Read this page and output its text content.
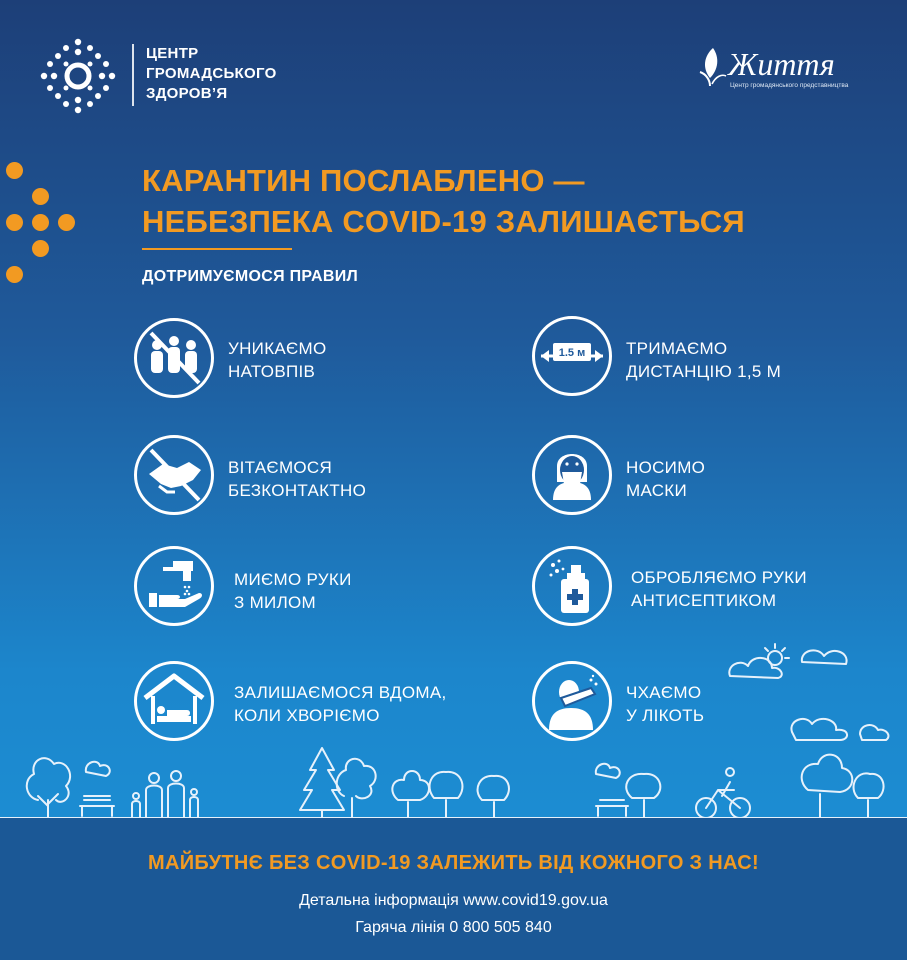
ЦЕНТР
ГРОМАДСЬКОГО
ЗДОРОВ’Я
Життя
Центр громадянського представництва
КАРАНТИН ПОСЛАБЛЕНО —
НЕБЕЗПЕКА COVID-19 ЗАЛИШАЄТЬСЯ
ДОТРИМУЄМОСЯ ПРАВИЛ
УНИКАЄМО
НАТОВПІВ
1.5 м ТРИМАЄМО
ДИСТАНЦІЮ 1,5 М
ВІТАЄМОСЯ
БЕЗКОНТАКТНО
НОСИМО
МАСКИ
МИЄМО РУКИ
З МИЛОМ
ОБРОБЛЯЄМО РУКИ
АНТИСЕПТИКОМ
ЗАЛИШАЄМОСЯ ВДОМА,
КОЛИ ХВОРІЄМО
ЧХАЄМО
У ЛІКОТЬ
МАЙБУТНЄ БЕЗ COVID-19 ЗАЛЕЖИТЬ ВІД КОЖНОГО З НАС!
Детальна інформація www.covid19.gov.ua
Гаряча лінія 0 800 505 840
